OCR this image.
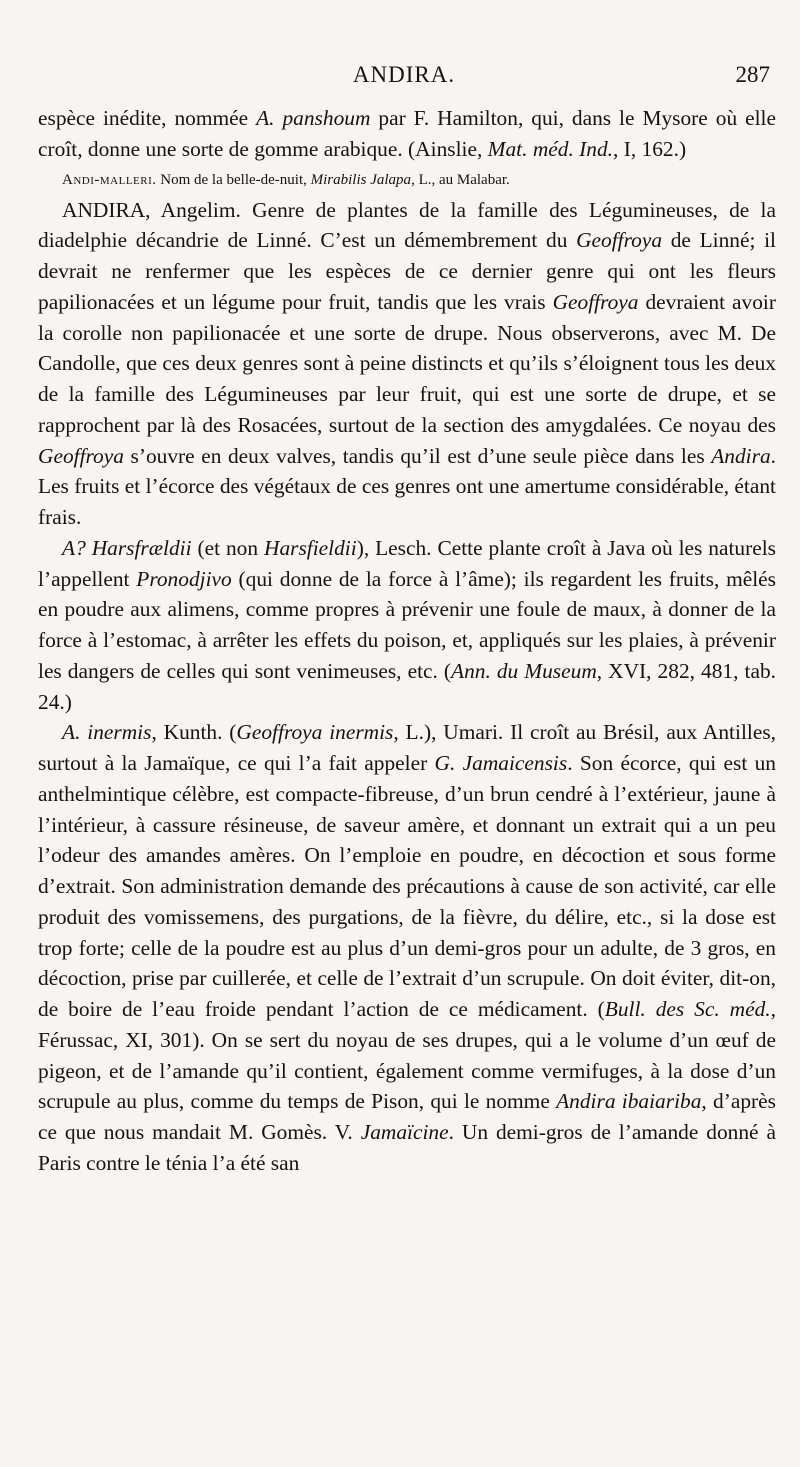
ANDIRA.	287

espèce inédite, nommée A. panshoum par F. Hamilton, qui, dans le Mysore où elle croît, donne une sorte de gomme arabique. (Ainslie, Mat. méd. Ind., I, 162.)

Andi-malleri. Nom de la belle-de-nuit, Mirabilis Jalapa, L., au Malabar.

ANDIRA, Angelim. Genre de plantes de la famille des Légumineuses, de la diadelphie décandrie de Linné. C’est un démembrement du Geoffroya de Linné; il devrait ne renfermer que les espèces de ce dernier genre qui ont les fleurs papilionacées et un légume pour fruit, tandis que les vrais Geoffroya devraient avoir la corolle non papilionacée et une sorte de drupe. Nous observerons, avec M. De Candolle, que ces deux genres sont à peine distincts et qu’ils s’éloignent tous les deux de la famille des Légumineuses par leur fruit, qui est une sorte de drupe, et se rapprochent par là des Rosacées, surtout de la section des amygdalées. Ce noyau des Geoffroya s’ouvre en deux valves, tandis qu’il est d’une seule pièce dans les Andira. Les fruits et l’écorce des végétaux de ces genres ont une amertume considérable, étant frais.

A? Harsfrældii (et non Harsfieldii), Lesch. Cette plante croît à Java où les naturels l’appellent Pronodjivo (qui donne de la force à l’âme); ils regardent les fruits, mêlés en poudre aux alimens, comme propres à prévenir une foule de maux, à donner de la force à l’estomac, à arrêter les effets du poison, et, appliqués sur les plaies, à prévenir les dangers de celles qui sont venimeuses, etc. (Ann. du Museum, XVI, 282, 481, tab. 24.)

A. inermis, Kunth. (Geoffroya inermis, L.), Umari. Il croît au Brésil, aux Antilles, surtout à la Jamaïque, ce qui l’a fait appeler G. Jamaicensis. Son écorce, qui est un anthelmintique célèbre, est compacte-fibreuse, d’un brun cendré à l’extérieur, jaune à l’intérieur, à cassure résineuse, de saveur amère, et donnant un extrait qui a un peu l’odeur des amandes amères. On l’emploie en poudre, en décoction et sous forme d’extrait. Son administration demande des précautions à cause de son activité, car elle produit des vomissemens, des purgations, de la fièvre, du délire, etc., si la dose est trop forte; celle de la poudre est au plus d’un demi-gros pour un adulte, de 3 gros, en décoction, prise par cuillerée, et celle de l’extrait d’un scrupule. On doit éviter, dit-on, de boire de l’eau froide pendant l’action de ce médicament. (Bull. des Sc. méd., Férussac, XI, 301). On se sert du noyau de ses drupes, qui a le volume d’un œuf de pigeon, et de l’amande qu’il contient, également comme vermifuges, à la dose d’un scrupule au plus, comme du temps de Pison, qui le nomme Andira ibaiariba, d’après ce que nous mandait M. Gomès. V. Jamaïcine. Un demi-gros de l’amande donné à Paris contre le ténia l’a été san
